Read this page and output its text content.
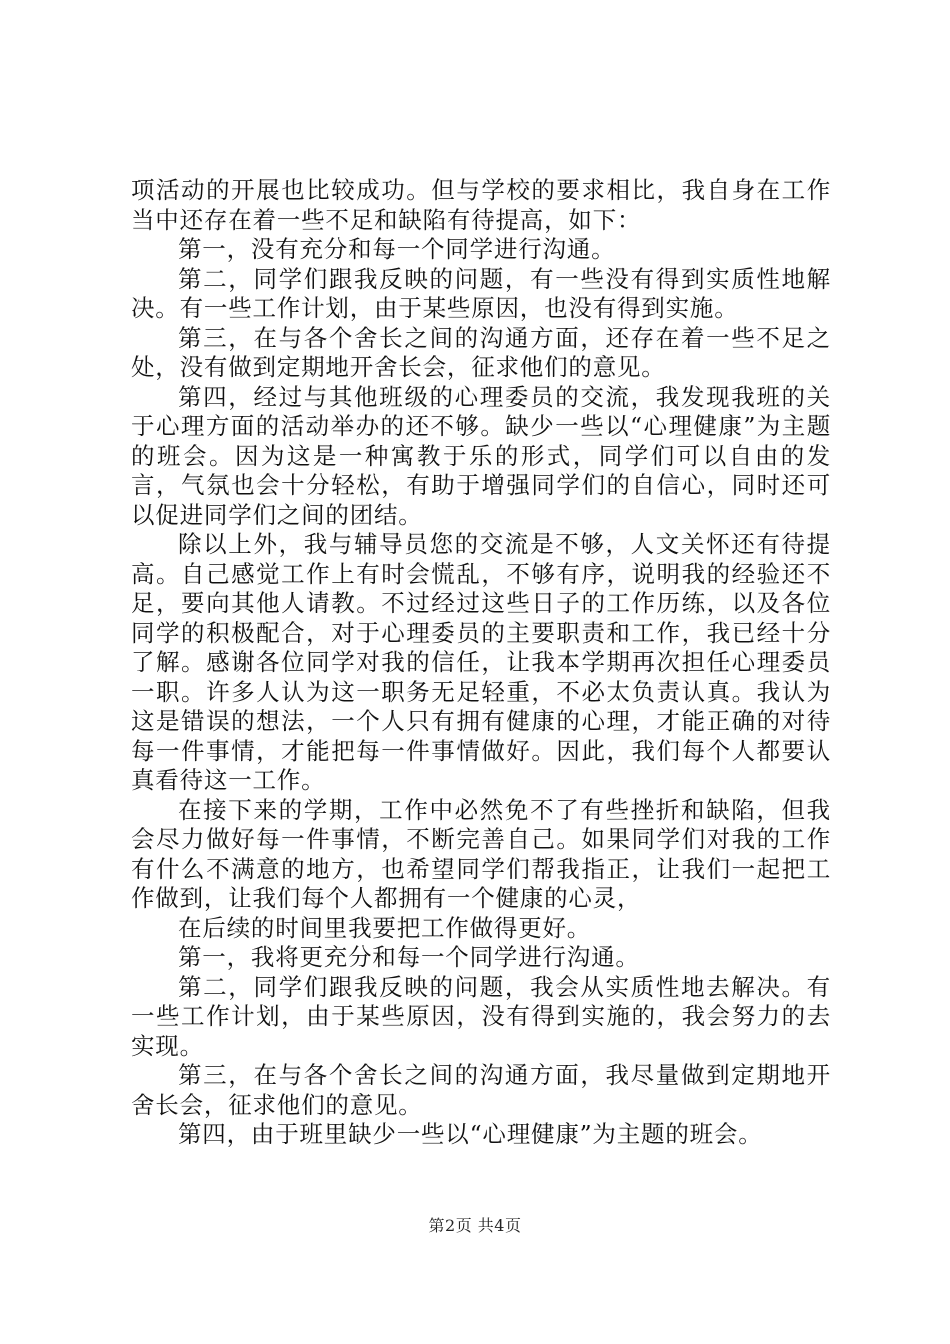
项活动的开展也比较成功。但与学校的要求相比，我自身在工作当中还存在着一些不足和缺陷有待提高，如下：

第一，没有充分和每一个同学进行沟通。

第二，同学们跟我反映的问题，有一些没有得到实质性地解决。有一些工作计划，由于某些原因，也没有得到实施。

第三，在与各个舍长之间的沟通方面，还存在着一些不足之处，没有做到定期地开舍长会，征求他们的意见。

第四，经过与其他班级的心理委员的交流，我发现我班的关于心理方面的活动举办的还不够。缺少一些以“心理健康”为主题的班会。因为这是一种寓教于乐的形式，同学们可以自由的发言，气氛也会十分轻松，有助于增强同学们的自信心，同时还可以促进同学们之间的团结。

除以上外，我与辅导员您的交流是不够，人文关怀还有待提高。自己感觉工作上有时会慌乱，不够有序，说明我的经验还不足，要向其他人请教。不过经过这些日子的工作历练，以及各位同学的积极配合，对于心理委员的主要职责和工作，我已经十分了解。感谢各位同学对我的信任，让我本学期再次担任心理委员一职。许多人认为这一职务无足轻重，不必太负责认真。我认为这是错误的想法，一个人只有拥有健康的心理，才能正确的对待每一件事情，才能把每一件事情做好。因此，我们每个人都要认真看待这一工作。

在接下来的学期，工作中必然免不了有些挫折和缺陷，但我会尽力做好每一件事情，不断完善自己。如果同学们对我的工作有什么不满意的地方，也希望同学们帮我指正，让我们一起把工作做到，让我们每个人都拥有一个健康的心灵，

在后续的时间里我要把工作做得更好。

第一，我将更充分和每一个同学进行沟通。

第二，同学们跟我反映的问题，我会从实质性地去解决。有一些工作计划，由于某些原因，没有得到实施的，我会努力的去实现。

第三，在与各个舍长之间的沟通方面，我尽量做到定期地开舍长会，征求他们的意见。

第四，由于班里缺少一些以“心理健康”为主题的班会。

第2页 共4页
